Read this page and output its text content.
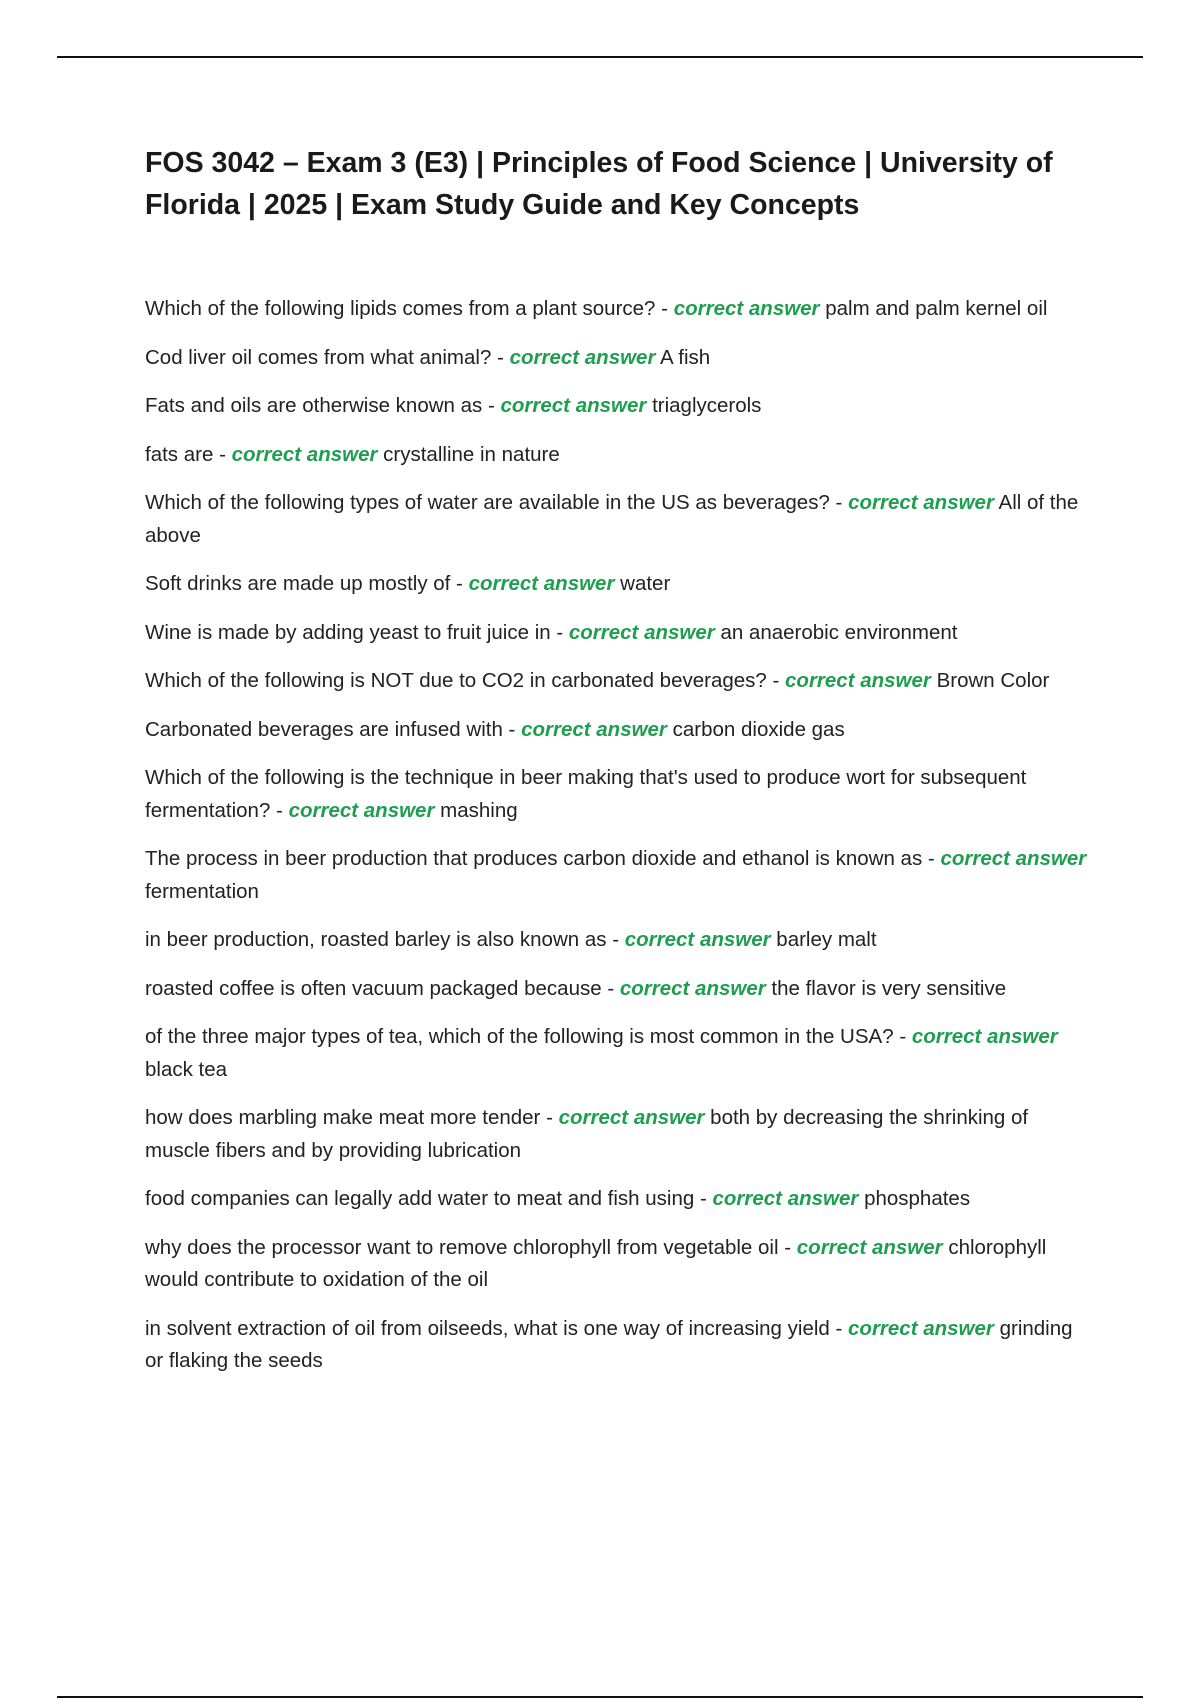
FOS 3042 – Exam 3 (E3) | Principles of Food Science | University of Florida | 2025 | Exam Study Guide and Key Concepts

Which of the following lipids comes from a plant source? - correct answer palm and palm kernel oil

Cod liver oil comes from what animal? - correct answer A fish

Fats and oils are otherwise known as - correct answer triaglycerols

fats are - correct answer crystalline in nature

Which of the following types of water are available in the US as beverages? - correct answer All of the above

Soft drinks are made up mostly of - correct answer water

Wine is made by adding yeast to fruit juice in - correct answer an anaerobic environment

Which of the following is NOT due to CO2 in carbonated beverages? - correct answer Brown Color

Carbonated beverages are infused with - correct answer carbon dioxide gas

Which of the following is the technique in beer making that's used to produce wort for subsequent fermentation? - correct answer mashing

The process in beer production that produces carbon dioxide and ethanol is known as - correct answer fermentation

in beer production, roasted barley is also known as - correct answer barley malt

roasted coffee is often vacuum packaged because - correct answer the flavor is very sensitive

of the three major types of tea, which of the following is most common in the USA? - correct answer black tea

how does marbling make meat more tender - correct answer both by decreasing the shrinking of muscle fibers and by providing lubrication

food companies can legally add water to meat and fish using - correct answer phosphates

why does the processor want to remove chlorophyll from vegetable oil - correct answer chlorophyll would contribute to oxidation of the oil

in solvent extraction of oil from oilseeds, what is one way of increasing yield - correct answer grinding or flaking the seeds
